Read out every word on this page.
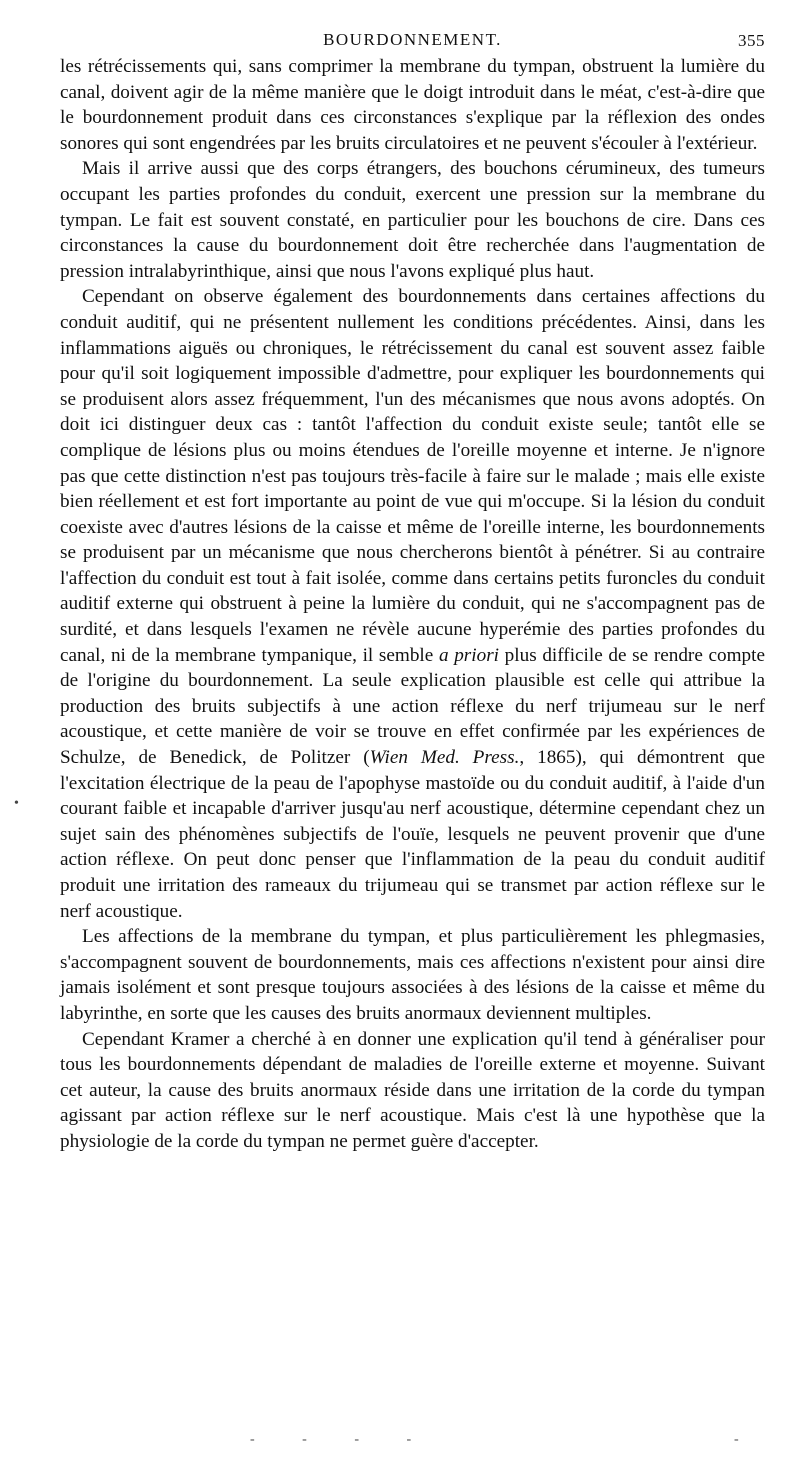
BOURDONNEMENT.	355

les rétrécissements qui, sans comprimer la membrane du tympan, obstruent la lumière du canal, doivent agir de la même manière que le doigt introduit dans le méat, c'est-à-dire que le bourdonnement produit dans ces circonstances s'explique par la réflexion des ondes sonores qui sont engendrées par les bruits circulatoires et ne peuvent s'écouler à l'extérieur.

Mais il arrive aussi que des corps étrangers, des bouchons cérumineux, des tumeurs occupant les parties profondes du conduit, exercent une pression sur la membrane du tympan. Le fait est souvent constaté, en particulier pour les bouchons de cire. Dans ces circonstances la cause du bourdonnement doit être recherchée dans l'augmentation de pression intralabyrinthique, ainsi que nous l'avons expliqué plus haut.

Cependant on observe également des bourdonnements dans certaines affections du conduit auditif, qui ne présentent nullement les conditions précédentes. Ainsi, dans les inflammations aiguës ou chroniques, le rétrécissement du canal est souvent assez faible pour qu'il soit logiquement impossible d'admettre, pour expliquer les bourdonnements qui se produisent alors assez fréquemment, l'un des mécanismes que nous avons adoptés. On doit ici distinguer deux cas : tantôt l'affection du conduit existe seule; tantôt elle se complique de lésions plus ou moins étendues de l'oreille moyenne et interne. Je n'ignore pas que cette distinction n'est pas toujours très-facile à faire sur le malade ; mais elle existe bien réellement et est fort importante au point de vue qui m'occupe. Si la lésion du conduit coexiste avec d'autres lésions de la caisse et même de l'oreille interne, les bourdonnements se produisent par un mécanisme que nous chercherons bientôt à pénétrer. Si au contraire l'affection du conduit est tout à fait isolée, comme dans certains petits furoncles du conduit auditif externe qui obstruent à peine la lumière du conduit, qui ne s'accompagnent pas de surdité, et dans lesquels l'examen ne révèle aucune hyperémie des parties profondes du canal, ni de la membrane tympanique, il semble a priori plus difficile de se rendre compte de l'origine du bourdonnement. La seule explication plausible est celle qui attribue la production des bruits subjectifs à une action réflexe du nerf trijumeau sur le nerf acoustique, et cette manière de voir se trouve en effet confirmée par les expériences de Schulze, de Benedick, de Politzer (Wien Med. Press., 1865), qui démontrent que l'excitation électrique de la peau de l'apophyse mastoïde ou du conduit auditif, à l'aide d'un courant faible et incapable d'arriver jusqu'au nerf acoustique, détermine cependant chez un sujet sain des phénomènes subjectifs de l'ouïe, lesquels ne peuvent provenir que d'une action réflexe. On peut donc penser que l'inflammation de la peau du conduit auditif produit une irritation des rameaux du trijumeau qui se transmet par action réflexe sur le nerf acoustique.

Les affections de la membrane du tympan, et plus particulièrement les phlegmasies, s'accompagnent souvent de bourdonnements, mais ces affections n'existent pour ainsi dire jamais isolément et sont presque toujours associées à des lésions de la caisse et même du labyrinthe, en sorte que les causes des bruits anormaux deviennent multiples.

Cependant Kramer a cherché à en donner une explication qu'il tend à généraliser pour tous les bourdonnements dépendant de maladies de l'oreille externe et moyenne. Suivant cet auteur, la cause des bruits anormaux réside dans une irritation de la corde du tympan agissant par action réflexe sur le nerf acoustique. Mais c'est là une hypothèse que la physiologie de la corde du tympan ne permet guère d'accepter.

•
- - - -	-
